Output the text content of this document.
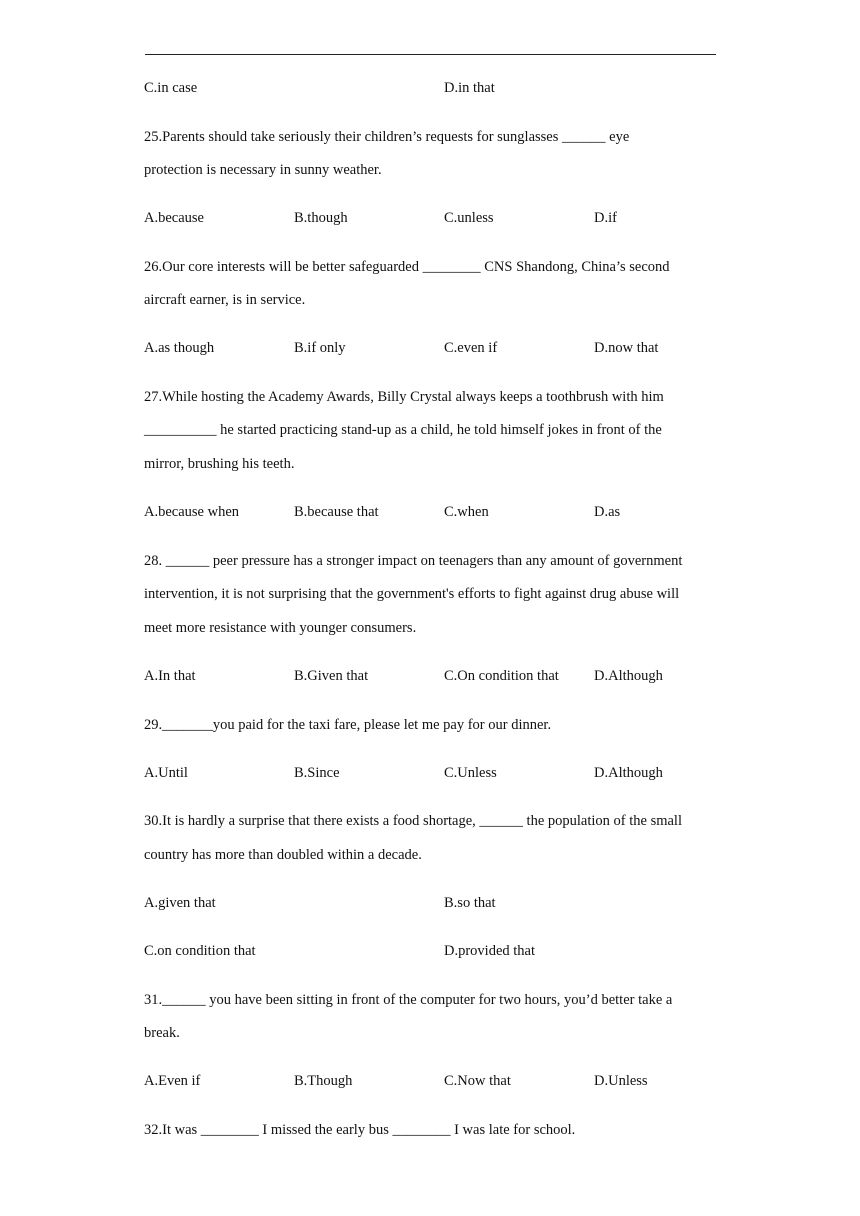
C.in case	D.in that
25.Parents should take seriously their children’s requests for sunglasses ______ eye
protection is necessary in sunny weather.
A.because	B.though	C.unless	D.if
26.Our core interests will be better safeguarded ________ CNS Shandong, China’s second
aircraft earner, is in service.
A.as though	B.if only	C.even if	D.now that
27.While hosting the Academy Awards, Billy Crystal always keeps a toothbrush with him
__________ he started practicing stand-up as a child, he told himself jokes in front of the
mirror, brushing his teeth.
A.because when	B.because that	C.when	D.as
28. ______ peer pressure has a stronger impact on teenagers than any amount of government
intervention, it is not surprising that the government's efforts to fight against drug abuse will
meet more resistance with younger consumers.
A.In that	B.Given that	C.On condition that D.Although
29._______you paid for the taxi fare, please let me pay for our dinner.
A.Until	B.Since	C.Unless	D.Although
30.It is hardly a surprise that there exists a food shortage, ______ the population of the small
country has more than doubled within a decade.
A.given that	B.so that
C.on condition that	D.provided that
31.______ you have been sitting in front of the computer for two hours, you’d better take a
break.
A.Even if	B.Though	C.Now that	D.Unless
32.It was ________ I missed the early bus ________ I was late for school.
